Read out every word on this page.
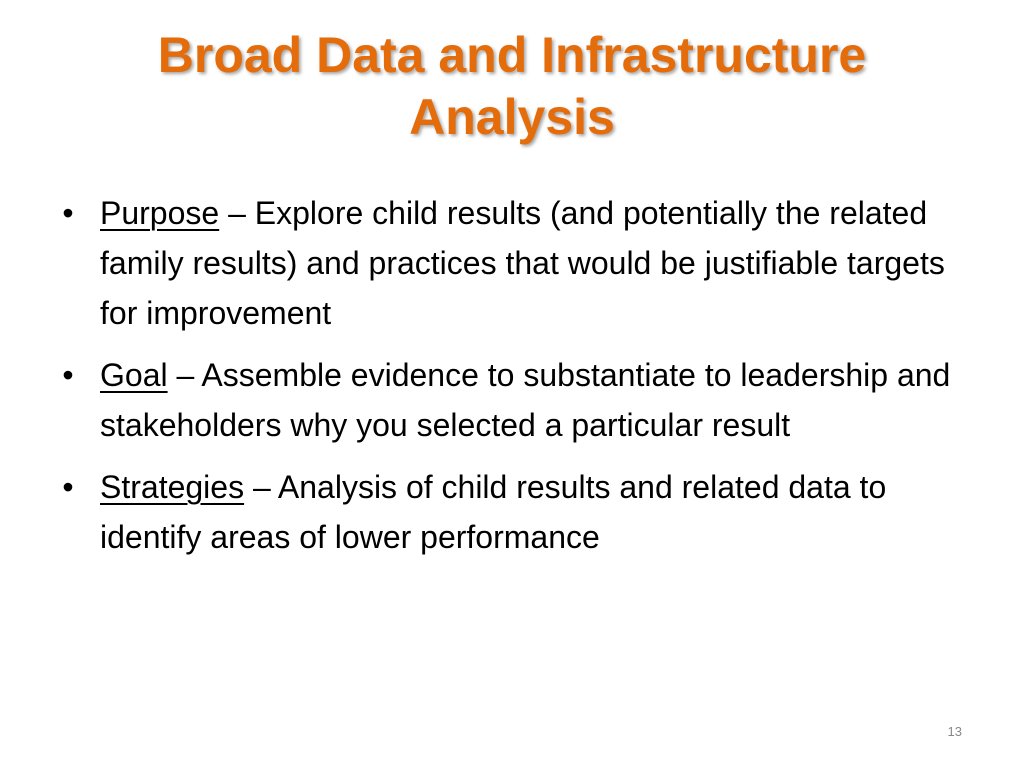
Broad Data and Infrastructure
Analysis
• Purpose – Explore child results (and potentially the related family results) and practices that would be justifiable targets for improvement
• Goal – Assemble evidence to substantiate to leadership and stakeholders why you selected a particular result
• Strategies – Analysis of child results and related data to identify areas of lower performance
13
